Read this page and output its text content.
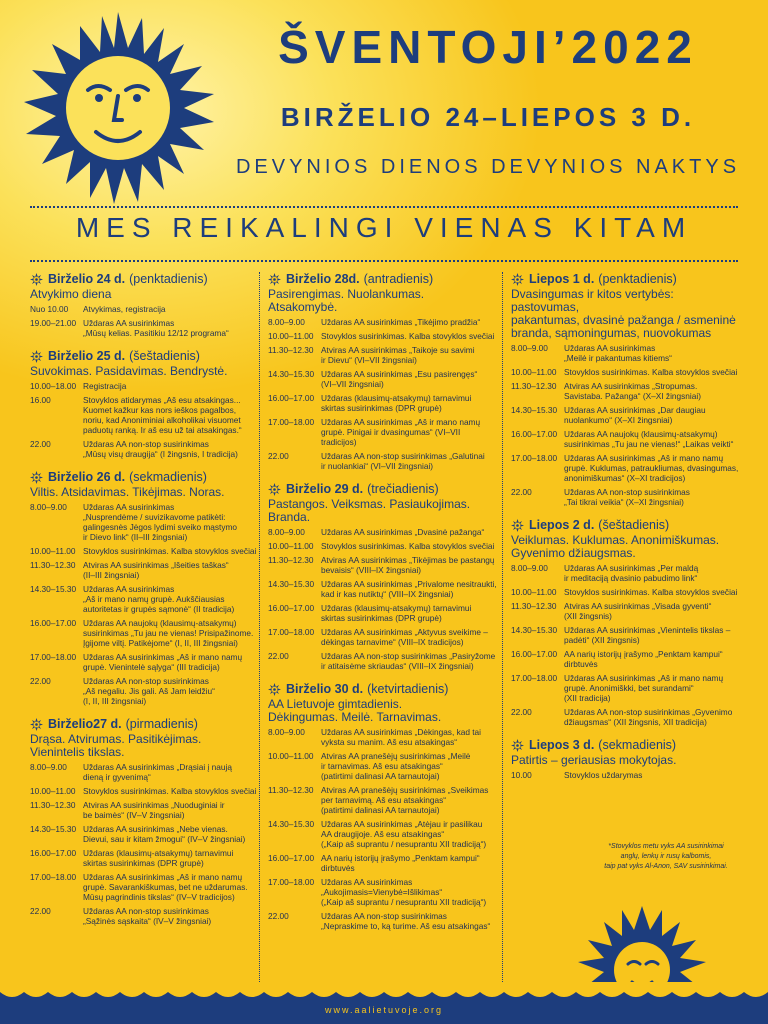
ŠVENTOJI’2022
BIRŽELIO 24–LIEPOS 3 D.
DEVYNIOS DIENOS DEVYNIOS NAKTYS
MES REIKALINGI VIENAS KITAM
Birželio 24 d. (penktadienis)
Atvykimo diena
Nuo 10.00	Atvykimas, registracija
19.00–21.00 Uždaras AA susirinkimas
„Mūsų kelias. Pasitikiu 12/12 programa“
Birželio 25 d. (šeštadienis)
Suvokimas. Pasidavimas. Bendrystė.
10.00–18.00 Registracija
16.00	Stovyklos atidarymas „Aš esu atsakingas...
Kuomet kažkur kas nors ieškos pagalbos,
noriu, kad Anoniminiai alkoholikai visuomet
paduotų ranką. Ir aš esu už tai atsakingas.“
22.00	Uždaras AA non-stop susirinkimas
„Mūsų visų draugija“ (I žingsnis, I tradicija)
Birželio 26 d. (sekmadienis)
Viltis. Atsidavimas. Tikėjimas. Noras.
8.00–9.00	Uždaras AA susirinkimas
„Nusprendėme / suvizikavome patikėti:
galingesnės Jėgos lydimi sveiko mąstymo
ir Dievo link“ (II–III žingsniai)
10.00–11.00 Stovyklos susirinkimas. Kalba stovyklos svečiai
11.30–12.30 Atviras AA susirinkimas „Išeities taškas“
(II–III žingsniai)
14.30–15.30 Uždaras AA susirinkimas
„Aš ir mano namų grupė. Aukščiausias
autoritetas ir grupės sąmonė“ (II tradicija)
16.00–17.00 Uždaras AA naujokų (klausimų-atsakymų)
susirinkimas „Tu jau ne vienas! Prisipažinome.
Įgijome viltį. Patikėjome“ (I, II, III žingsniai)
17.00–18.00 Uždaras AA susirinkimas „Aš ir mano namų
grupė. Vienintelė sąlyga“ (III tradicija)
22.00	Uždaras AA non-stop susirinkimas
„Aš negaliu. Jis gali. Aš Jam leidžiu“
(I, II, III žingsniai)
Birželio27 d. (pirmadienis)
Drąsa. Atvirumas. Pasitikėjimas.
Vienintelis tikslas.
8.00–9.00	Uždaras AA susirinkimas „Drąsiai į naują
dieną ir gyvenimą“
10.00–11.00 Stovyklos susirinkimas. Kalba stovyklos svečiai
11.30–12.30 Atviras AA susirinkimas „Nuoduginiai ir
be baimės“ (IV–V žingsniai)
14.30–15.30 Uždaras AA susirinkimas „Nebe vienas.
Dievui, sau ir kitam žmogui“ (IV–V žingsniai)
16.00–17.00 Uždaras (klausimų-atsakymų) tarnavimui
skirtas susirinkimas (DPR grupė)
17.00–18.00 Uždaras AA susirinkimas „Aš ir mano namų
grupė. Savarankiškumas, bet ne uždarumas.
Mūsų pagrindinis tikslas“ (IV–V tradicijos)
22.00	Uždaras AA non-stop susirinkimas
„Sąžinės sąskaita“ (IV–V žingsniai)
Birželio 28d. (antradienis)
Pasirengimas. Nuolankumas.
Atsakomybė.
8.00–9.00	Uždaras AA susirinkimas „Tikėjimo pradžia“
10.00–11.00 Stovyklos susirinkimas. Kalba stovyklos svečiai
11.30–12.30 Atviras AA susirinkimas „Taikoje su savimi
ir Dievu“ (VI–VII žingsniai)
14.30–15.30 Uždaras AA susirinkimas „Esu pasirengęs“
(VI–VII žingsniai)
16.00–17.00 Uždaras (klausimų-atsakymų) tarnavimui
skirtas susirinkimas (DPR grupė)
17.00–18.00 Uždaras AA susirinkimas „Aš ir mano namų
grupė. Pinigai ir dvasingumas“ (VI–VII tradicijos)
22.00	Uždaras AA non-stop susirinkimas „Galutinai
ir nuolankiai“ (VI–VII žingsniai)
Birželio 29 d. (trečiadienis)
Pastangos. Veiksmas. Pasiaukojimas.
Branda.
8.00–9.00	Uždaras AA susirinkimas „Dvasinė pažanga“
10.00–11.00 Stovyklos susirinkimas. Kalba stovyklos svečiai
11.30–12.30 Atviras AA susirinkimas „Tikėjimas be pastangų
bevaisis“ (VIII–IX žingsniai)
14.30–15.30 Uždaras AA susirinkimas „Privalome nesitraukti,
kad ir kas nutiktų“ (VIII–IX žingsniai)
16.00–17.00 Uždaras (klausimų-atsakymų) tarnavimui
skirtas susirinkimas (DPR grupė)
17.00–18.00 Uždaras AA susirinkimas „Aktyvus sveikime –
dėkingas tarnavime“ (VIII–IX tradicijos)
22.00	Uždaras AA non-stop susirinkimas „Pasiryžome
ir atitaisėme skriaudas“ (VIII–IX žingsniai)
Birželio 30 d. (ketvirtadienis)
AA Lietuvoje gimtadienis.
Dėkingumas. Meilė. Tarnavimas.
8.00–9.00	Uždaras AA susirinkimas „Dėkingas, kad tai
vyksta su manim. Aš esu atsakingas“
10.00–11.00 Atviras AA pranešėjų susirinkimas „Meilė
ir tarnavimas. Aš esu atsakingas“
(patirtimi dalinasi AA tarnautojai)
11.30–12.30 Atviras AA pranešėjų susirinkimas „Sveikimas
per tarnavimą. Aš esu atsakingas“
(patirtimi dalinasi AA tarnautojai)
14.30–15.30 Uždaras AA susirinkimas „Atėjau ir pasilikau
AA draugijoje. Aš esu atsakingas“
(„Kaip aš suprantu / nesuprantu XII tradiciją“)
16.00–17.00 AA narių istorijų įrašymo „Penktam kampui“
dirbtuvės
17.00–18.00 Uždaras AA susirinkimas
„Aukojimasis=Vienybė=Išlikimas“
(„Kaip aš suprantu / nesuprantu XII tradiciją“)
22.00	Uždaras AA non-stop susirinkimas
„Nepraskime to, ką turime. Aš esu atsakingas“
Liepos 1 d. (penktadienis)
Dvasingumas ir kitos vertybės: pastovumas,
pakantumas, dvasinė pažanga / asmeninė
branda, sąmoningumas, nuovokumas
8.00–9.00	Uždaras AA susirinkimas
„Meilė ir pakantumas kitiems“
10.00–11.00 Stovyklos susirinkimas. Kalba stovyklos svečiai
11.30–12.30 Atviras AA susirinkimas „Stropumas.
Savistaba. Pažanga“ (X–XI žingsniai)
14.30–15.30 Uždaras AA susirinkimas „Dar daugiau
nuolankumo“ (X–XI žingsniai)
16.00–17.00 Uždaras AA naujokų (klausimų-atsakymų)
susirinkimas „Tu jau ne vienas!“ „Laikas veikti“
17.00–18.00 Uždaras AA susirinkimas „Aš ir mano namų
grupė. Kuklumas, patraukliumas, dvasingumas,
anonimiškumas“ (X–XI tradicijos)
22.00	Uždaras AA non-stop susirinkimas
„Tai tikrai veikia“ (X–XI žingsniai)
Liepos 2 d. (šeštadienis)
Veiklumas. Kuklumas. Anonimiškumas.
Gyvenimo džiaugsmas.
8.00–9.00	Uždaras AA susirinkimas „Per maldą
ir meditaciją dvasinio pabudimo link“
10.00–11.00 Stovyklos susirinkimas. Kalba stovyklos svečiai
11.30–12.30 Atviras AA susirinkimas „Visada gyventi“
(XII žingsnis)
14.30–15.30 Uždaras AA susirinkimas „Vienintelis tikslas –
padėti“ (XII žingsnis)
16.00–17.00 AA narių istorijų įrašymo „Penktam kampui“
dirbtuvės
17.00–18.00 Uždaras AA susirinkimas „Aš ir mano namų
grupė. Anonimiškki, bet surandami“
(XII tradicija)
22.00	Uždaras AA non-stop susirinkimas „Gyvenimo
džiaugsmas“ (XII žingsnis, XII tradicija)
Liepos 3 d. (sekmadienis)
Patirtis – geriausias mokytojas.
10.00	Stovyklos uždarymas
*Stovyklos metu vyks AA susirinkimai
anglų, lenkų ir rusų kalbomis,
taip pat vyks Al-Anon, SAV susirinkimai.
www.aalietuvoje.org
